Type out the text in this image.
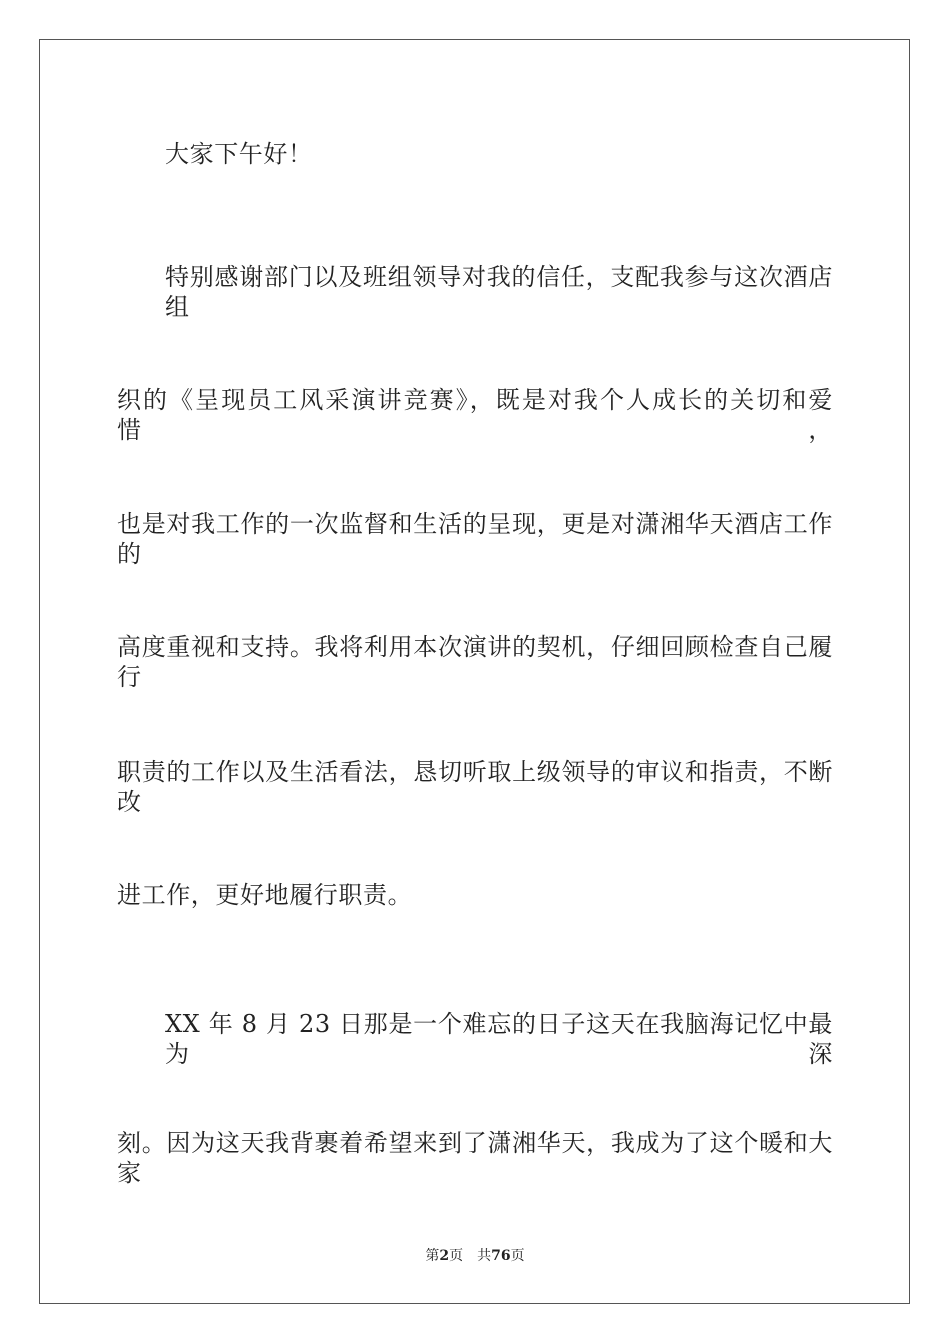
大家下午好！
特别感谢部门以及班组领导对我的信任，支配我参与这次酒店组
织的《呈现员工风采演讲竞赛》，既是对我个人成长的关切和爱惜，
也是对我工作的一次监督和生活的呈现，更是对潇湘华天酒店工作的
高度重视和支持。我将利用本次演讲的契机，仔细回顾检查自己履行
职责的工作以及生活看法，恳切听取上级领导的审议和指责，不断改
进工作，更好地履行职责。
XX 年 8 月 23 日那是一个难忘的日子这天在我脑海记忆中最为深
刻。因为这天我背裹着希望来到了潇湘华天，我成为了这个暖和大家
第2页 共76页
